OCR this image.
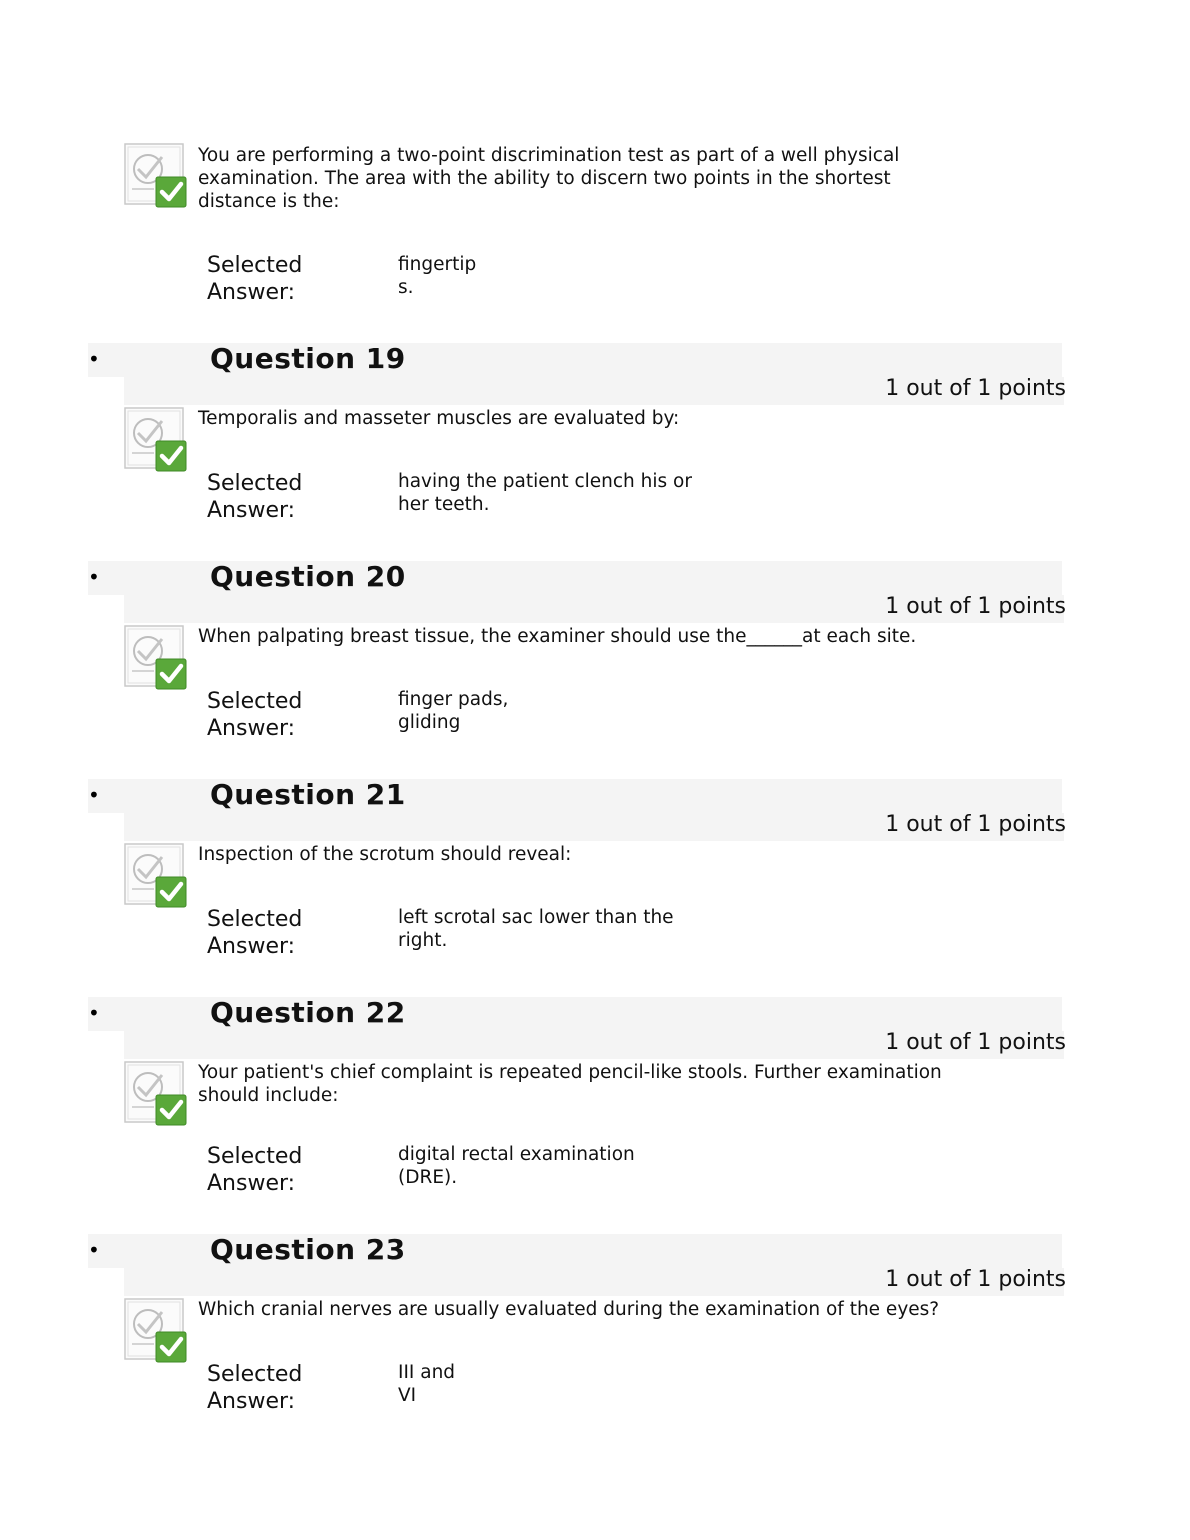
You are performing a two-point discrimination test as part of a well physical examination. The area with the ability to discern two points in the shortest distance is the:
Selected Answer:
fingertips.
•	Question 19
1 out of 1 points
Temporalis and masseter muscles are evaluated by:
Selected Answer:
having the patient clench his or her teeth.
•	Question 20
1 out of 1 points
When palpating breast tissue, the examiner should use the______at each site.
Selected Answer:
finger pads, gliding
•	Question 21
1 out of 1 points
Inspection of the scrotum should reveal:
Selected Answer:
left scrotal sac lower than the right.
•	Question 22
1 out of 1 points
Your patient's chief complaint is repeated pencil-like stools. Further examination should include:
Selected Answer:
digital rectal examination (DRE).
•	Question 23
1 out of 1 points
Which cranial nerves are usually evaluated during the examination of the eyes?
Selected Answer:
III and VI
